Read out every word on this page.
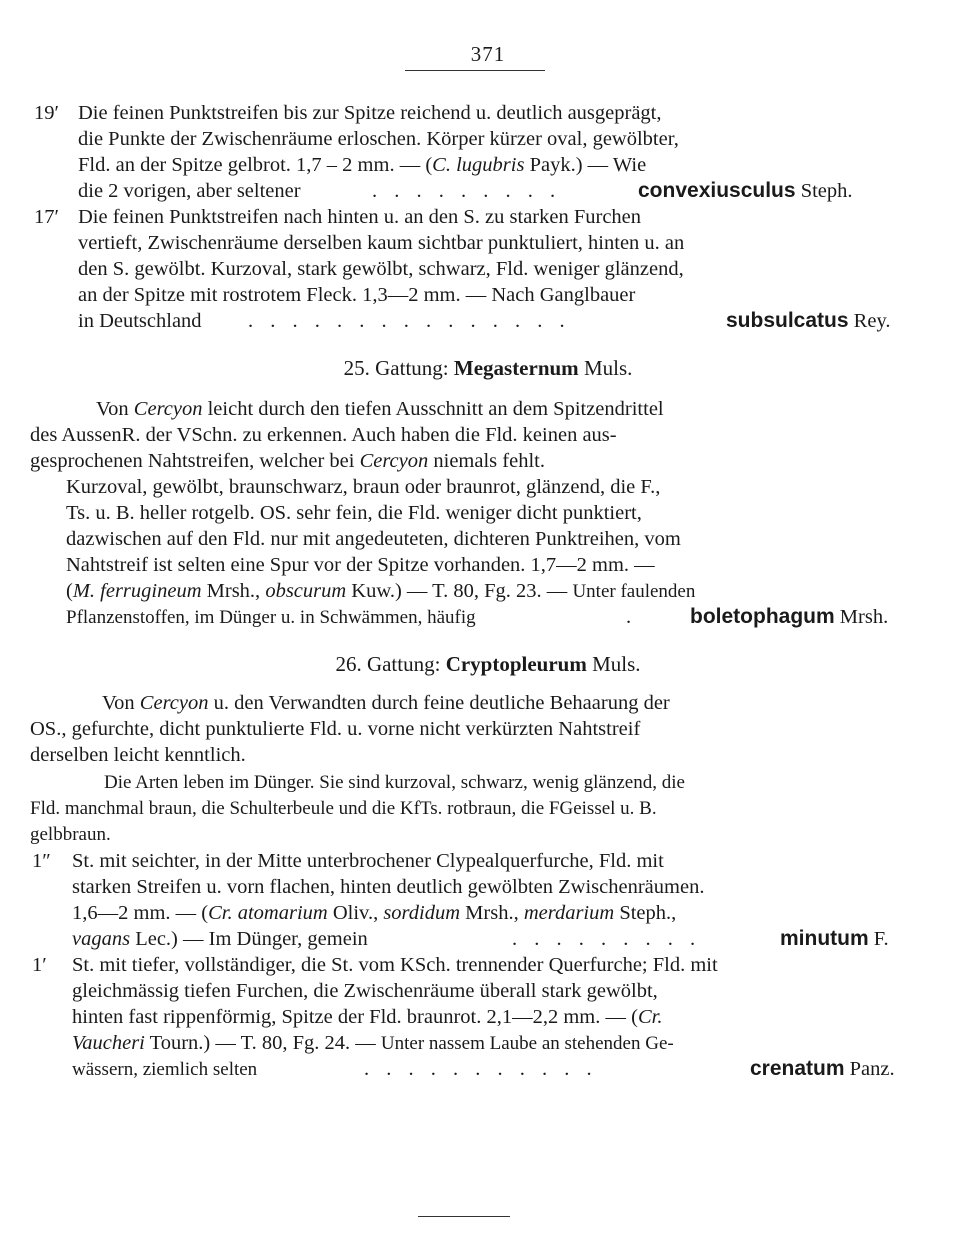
371
19′ Die feinen Punktstreifen bis zur Spitze reichend u. deutlich ausgeprägt,
die Punkte der Zwischenräume erloschen. Körper kürzer oval, gewölbter,
Fld. an der Spitze gelbrot. 1,7 – 2 mm. — (C. lugubris Payk.) — Wie
die 2 vorigen, aber seltener	. . . . . . . . .	convexiusculus Steph.
17′ Die feinen Punktstreifen nach hinten u. an den S. zu starken Furchen
vertieft, Zwischenräume derselben kaum sichtbar punktuliert, hinten u. an
den S. gewölbt. Kurzoval, stark gewölbt, schwarz, Fld. weniger glänzend,
an der Spitze mit rostrotem Fleck. 1,3—2 mm. — Nach Ganglbauer
in Deutschland . . . . . . . . . . . . . . .	subsulcatus Rey.
25. Gattung: Megasternum Muls.
Von Cercyon leicht durch den tiefen Ausschnitt an dem Spitzendrittel
des AussenR. der VSchn. zu erkennen. Auch haben die Fld. keinen aus-
gesprochenen Nahtstreifen, welcher bei Cercyon niemals fehlt.
Kurzoval, gewölbt, braunschwarz, braun oder braunrot, glänzend, die F.,
Ts. u. B. heller rotgelb. OS. sehr fein, die Fld. weniger dicht punktiert,
dazwischen auf den Fld. nur mit angedeuteten, dichteren Punktreihen, vom
Nahtstreif ist selten eine Spur vor der Spitze vorhanden. 1,7—2 mm. —
(M. ferrugineum Mrsh., obscurum Kuw.) — T. 80, Fg. 23. — Unter faulenden
Pflanzenstoffen, im Dünger u. in Schwämmen, häufig	.	boletophagum Mrsh.
26. Gattung: Cryptopleurum Muls.
Von Cercyon u. den Verwandten durch feine deutliche Behaarung der
OS., gefurchte, dicht punktulierte Fld. u. vorne nicht verkürzten Nahtstreif
derselben leicht kenntlich.
Die Arten leben im Dünger. Sie sind kurzoval, schwarz, wenig glänzend, die
Fld. manchmal braun, die Schulterbeule und die KfTs. rotbraun, die FGeissel u. B.
gelbbraun.
1″ St. mit seichter, in der Mitte unterbrochener Clypealquerfurche, Fld. mit
starken Streifen u. vorn flachen, hinten deutlich gewölbten Zwischenräumen.
1,6—2 mm. — (Cr. atomarium Oliv., sordidum Mrsh., merdarium Steph.,
vagans Lec.) — Im Dünger, gemein	. . . . . . . . .	minutum F.
1′ St. mit tiefer, vollständiger, die St. vom KSch. trennender Querfurche; Fld. mit
gleichmässig tiefen Furchen, die Zwischenräume überall stark gewölbt,
hinten fast rippenförmig, Spitze der Fld. braunrot. 2,1—2,2 mm. — (Cr.
Vaucheri Tourn.) — T. 80, Fg. 24. — Unter nassem Laube an stehenden Ge-
wässern, ziemlich selten	. . . . . . . . . . .	crenatum Panz.
